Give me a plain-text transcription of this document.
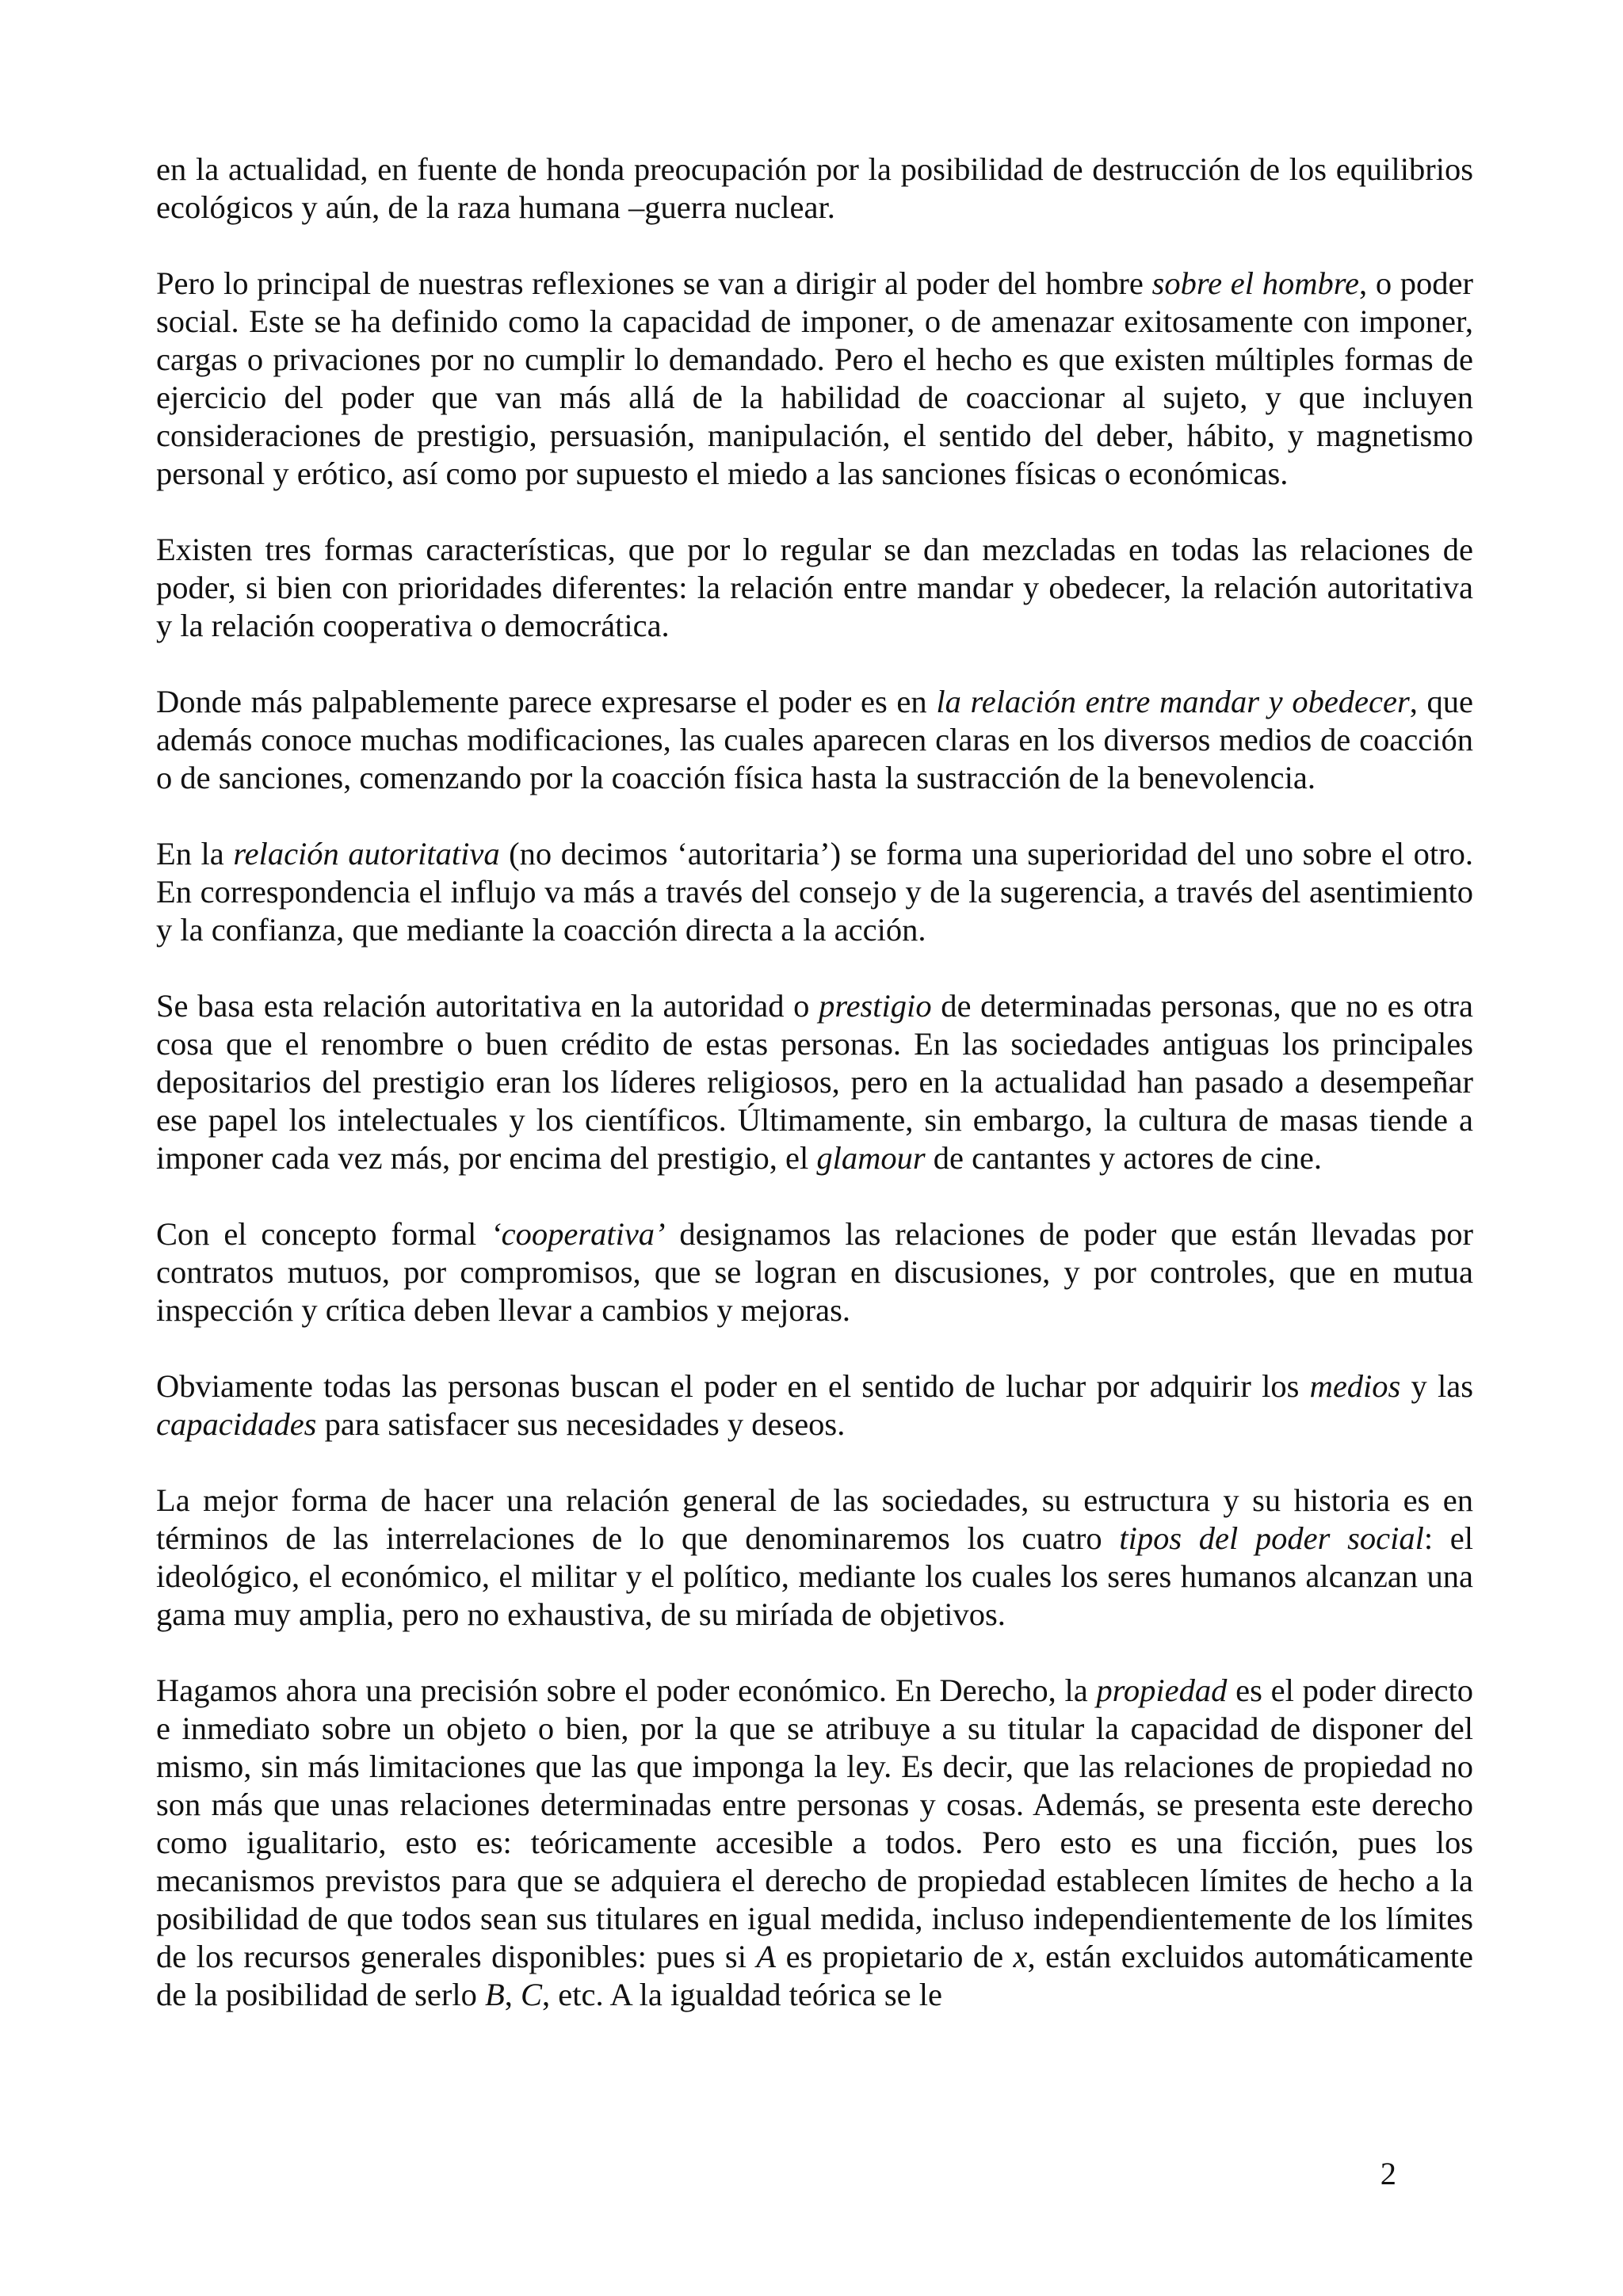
en la actualidad, en fuente de honda preocupación por la posibilidad de destrucción de los equilibrios ecológicos y aún, de la raza humana –guerra nuclear.

Pero lo principal de nuestras reflexiones se van a dirigir al poder del hombre sobre el hombre, o poder social. Este se ha definido como la capacidad de imponer, o de amenazar exitosamente con imponer, cargas o privaciones por no cumplir lo demandado. Pero el hecho es que existen múltiples formas de ejercicio del poder que van más allá de la habilidad de coaccionar al sujeto, y que incluyen consideraciones de prestigio, persuasión, manipulación, el sentido del deber, hábito, y magnetismo personal y erótico, así como por supuesto el miedo a las sanciones físicas o económicas.

Existen tres formas características, que por lo regular se dan mezcladas en todas las relaciones de poder, si bien con prioridades diferentes: la relación entre mandar y obedecer, la relación autoritativa y la relación cooperativa o democrática.

Donde más palpablemente parece expresarse el poder es en la relación entre mandar y obedecer, que además conoce muchas modificaciones, las cuales aparecen claras en los diversos medios de coacción o de sanciones, comenzando por la coacción física hasta la sustracción de la benevolencia.

En la relación autoritativa (no decimos ‘autoritaria’) se forma una superioridad del uno sobre el otro. En correspondencia el influjo va más a través del consejo y de la sugerencia, a través del asentimiento y la confianza, que mediante la coacción directa a la acción.

Se basa esta relación autoritativa en la autoridad o prestigio de determinadas personas, que no es otra cosa que el renombre o buen crédito de estas personas. En las sociedades antiguas los principales depositarios del prestigio eran los líderes religiosos, pero en la actualidad han pasado a desempeñar ese papel los intelectuales y los científicos. Últimamente, sin embargo, la cultura de masas tiende a imponer cada vez más, por encima del prestigio, el glamour de cantantes y actores de cine.

Con el concepto formal ‘cooperativa’ designamos las relaciones de poder que están llevadas por contratos mutuos, por compromisos, que se logran en discusiones, y por controles, que en mutua inspección y crítica deben llevar a cambios y mejoras.

Obviamente todas las personas buscan el poder en el sentido de luchar por adquirir los medios y las capacidades para satisfacer sus necesidades y deseos.

La mejor forma de hacer una relación general de las sociedades, su estructura y su historia es en términos de las interrelaciones de lo que denominaremos los cuatro tipos del poder social: el ideológico, el económico, el militar y el político, mediante los cuales los seres humanos alcanzan una gama muy amplia, pero no exhaustiva, de su miríada de objetivos.

Hagamos ahora una precisión sobre el poder económico. En Derecho, la propiedad es el poder directo e inmediato sobre un objeto o bien, por la que se atribuye a su titular la capacidad de disponer del mismo, sin más limitaciones que las que imponga la ley. Es decir, que las relaciones de propiedad no son más que unas relaciones determinadas entre personas y cosas. Además, se presenta este derecho como igualitario, esto es: teóricamente accesible a todos. Pero esto es una ficción, pues los mecanismos previstos para que se adquiera el derecho de propiedad establecen límites de hecho a la posibilidad de que todos sean sus titulares en igual medida, incluso independientemente de los límites de los recursos generales disponibles: pues si A es propietario de x, están excluidos automáticamente de la posibilidad de serlo B, C, etc. A la igualdad teórica se le

2
